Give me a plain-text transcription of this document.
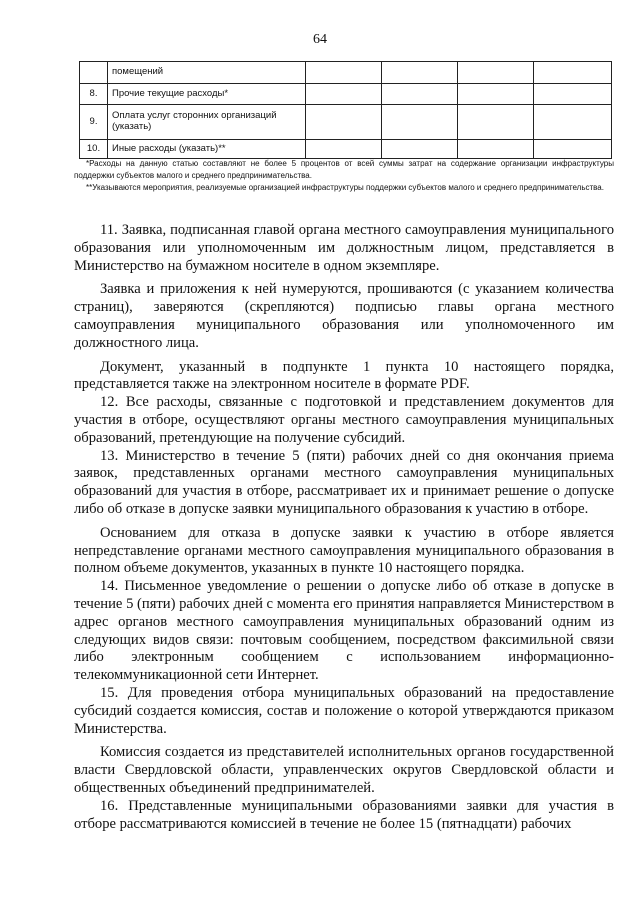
64
	помещений				
8.	Прочие текущие расходы*				
9.	Оплата услуг сторонних организаций (указать)				
10.	Иные расходы (указать)**				

*Расходы на данную статью составляют не более 5 процентов от всей суммы затрат на содержание организации инфраструктуры поддержки субъектов малого и среднего предпринимательства.

**Указываются мероприятия, реализуемые организацией инфраструктуры поддержки субъектов малого и среднего предпринимательства.

11. Заявка, подписанная главой органа местного самоуправления муниципального образования или уполномоченным им должностным лицом, представляется в Министерство на бумажном носителе в одном экземпляре.

Заявка и приложения к ней нумеруются, прошиваются (с указанием количества страниц), заверяются (скрепляются) подписью главы органа местного самоуправления муниципального образования или уполномоченного им должностного лица.

Документ, указанный в подпункте 1 пункта 10 настоящего порядка, представляется также на электронном носителе в формате PDF.

12. Все расходы, связанные с подготовкой и представлением документов для участия в отборе, осуществляют органы местного самоуправления муниципальных образований, претендующие на получение субсидий.

13. Министерство в течение 5 (пяти) рабочих дней со дня окончания приема заявок, представленных органами местного самоуправления муниципальных образований для участия в отборе, рассматривает их и принимает решение о допуске либо об отказе в допуске заявки муниципального образования к участию в отборе.

Основанием для отказа в допуске заявки к участию в отборе является непредставление органами местного самоуправления муниципального образования в полном объеме документов, указанных в пункте 10 настоящего порядка.

14. Письменное уведомление о решении о допуске либо об отказе в допуске в течение 5 (пяти) рабочих дней с момента его принятия направляется Министерством в адрес органов местного самоуправления муниципальных образований одним из следующих видов связи: почтовым сообщением, посредством факсимильной связи либо электронным сообщением с использованием информационно-телекоммуникационной сети Интернет.

15. Для проведения отбора муниципальных образований на предоставление субсидий создается комиссия, состав и положение о которой утверждаются приказом Министерства.

Комиссия создается из представителей исполнительных органов государственной власти Свердловской области, управленческих округов Свердловской области и общественных объединений предпринимателей.

16. Представленные муниципальными образованиями заявки для участия в отборе рассматриваются комиссией в течение не более 15 (пятнадцати) рабочих
